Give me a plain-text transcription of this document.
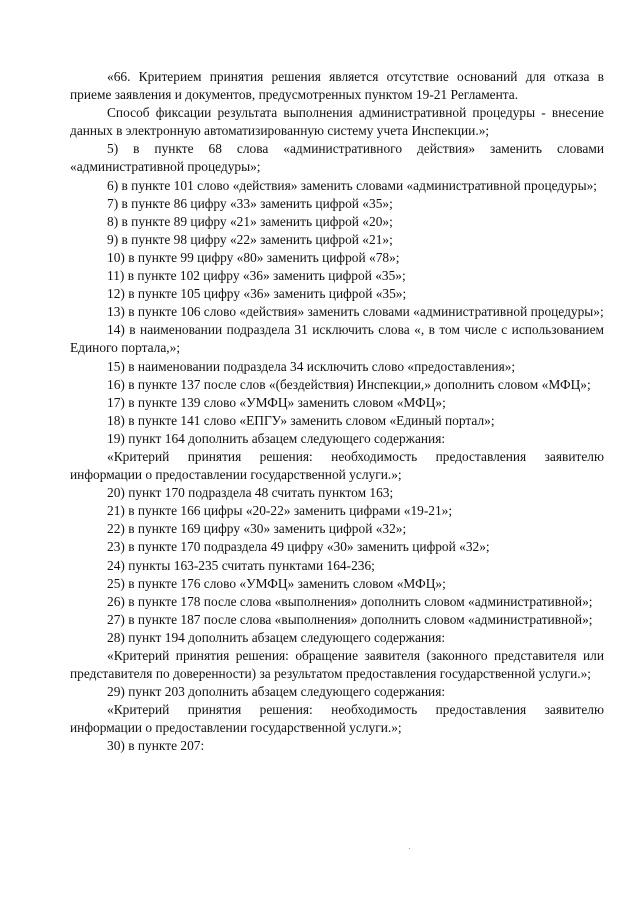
«66. Критерием принятия решения является отсутствие оснований для отказа в приеме заявления и документов, предусмотренных пунктом 19-21 Регламента.

Способ фиксации результата выполнения административной процедуры - внесение данных в электронную автоматизированную систему учета Инспекции.»;

5) в пункте 68 слова «административного действия» заменить словами «административной процедуры»;

6) в пункте 101 слово «действия» заменить словами «административной процедуры»;

7) в пункте 86 цифру «33» заменить цифрой «35»;

8) в пункте 89 цифру «21» заменить цифрой «20»;

9) в пункте 98 цифру «22» заменить цифрой «21»;

10) в пункте 99 цифру «80» заменить цифрой «78»;

11) в пункте 102 цифру «36» заменить цифрой «35»;

12) в пункте 105 цифру «36» заменить цифрой «35»;

13) в пункте 106 слово «действия» заменить словами «административной процедуры»;

14) в наименовании подраздела 31 исключить слова «, в том числе с использованием Единого портала,»;

15) в наименовании подраздела 34 исключить слово «предоставления»;

16) в пункте 137 после слов «(бездействия) Инспекции,» дополнить словом «МФЦ»;

17) в пункте 139 слово «УМФЦ» заменить словом «МФЦ»;

18) в пункте 141 слово «ЕПГУ» заменить словом «Единый портал»;

19) пункт 164 дополнить абзацем следующего содержания:

«Критерий принятия решения: необходимость предоставления заявителю информации о предоставлении государственной услуги.»;

20) пункт 170 подраздела 48 считать пунктом 163;

21) в пункте 166 цифры «20-22» заменить цифрами «19-21»;

22) в пункте 169 цифру «30» заменить цифрой «32»;

23) в пункте 170 подраздела 49 цифру «30» заменить цифрой «32»;

24) пункты 163-235 считать пунктами 164-236;

25) в пункте 176 слово «УМФЦ» заменить словом «МФЦ»;

26) в пункте 178 после слова «выполнения» дополнить словом «административной»;

27) в пункте 187 после слова «выполнения» дополнить словом «административной»;

28) пункт 194 дополнить абзацем следующего содержания:

«Критерий принятия решения: обращение заявителя (законного представителя или представителя по доверенности) за результатом предоставления государственной услуги.»;

29) пункт 203 дополнить абзацем следующего содержания:

«Критерий принятия решения: необходимость предоставления заявителю информации о предоставлении государственной услуги.»;

30) в пункте 207:
